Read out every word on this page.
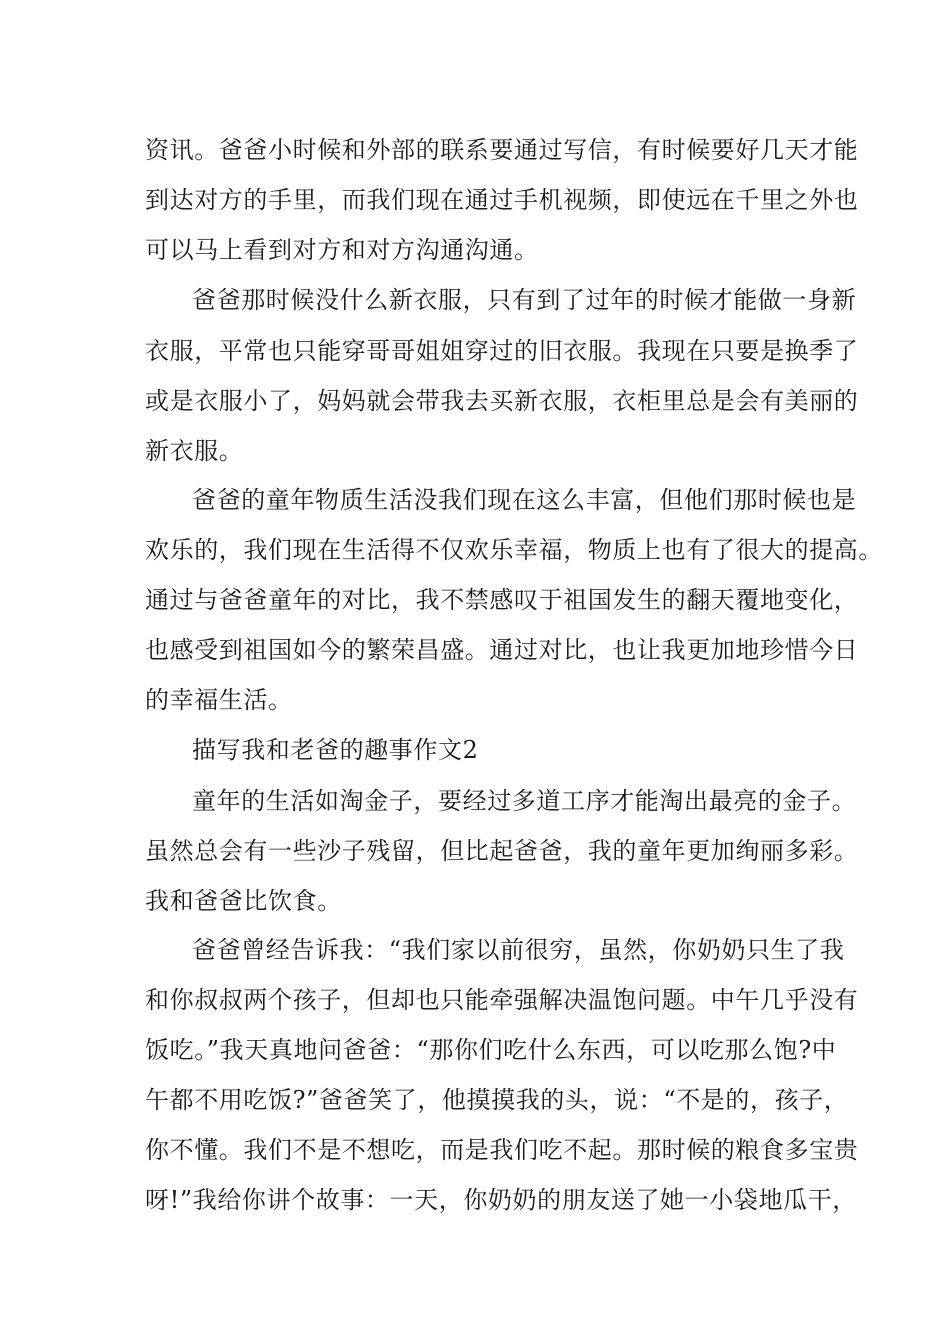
资讯。爸爸小时候和外部的联系要通过写信，有时候要好几天才能
到达对方的手里，而我们现在通过手机视频，即使远在千里之外也
可以马上看到对方和对方沟通沟通。
爸爸那时候没什么新衣服，只有到了过年的时候才能做一身新
衣服，平常也只能穿哥哥姐姐穿过的旧衣服。我现在只要是换季了
或是衣服小了，妈妈就会带我去买新衣服，衣柜里总是会有美丽的
新衣服。
爸爸的童年物质生活没我们现在这么丰富，但他们那时候也是
欢乐的，我们现在生活得不仅欢乐幸福，物质上也有了很大的提高。
通过与爸爸童年的对比，我不禁感叹于祖国发生的翻天覆地变化，
也感受到祖国如今的繁荣昌盛。通过对比，也让我更加地珍惜今日
的幸福生活。
描写我和老爸的趣事作文2
童年的生活如淘金子，要经过多道工序才能淘出最亮的金子。
虽然总会有一些沙子残留，但比起爸爸，我的童年更加绚丽多彩。
我和爸爸比饮食。
爸爸曾经告诉我：“我们家以前很穷，虽然，你奶奶只生了我
和你叔叔两个孩子，但却也只能牵强解决温饱问题。中午几乎没有
饭吃。”我天真地问爸爸：“那你们吃什么东西，可以吃那么饱?中
午都不用吃饭?”爸爸笑了，他摸摸我的头，说：“不是的，孩子，
你不懂。我们不是不想吃，而是我们吃不起。那时候的粮食多宝贵
呀!”我给你讲个故事：一天，你奶奶的朋友送了她一小袋地瓜干，
